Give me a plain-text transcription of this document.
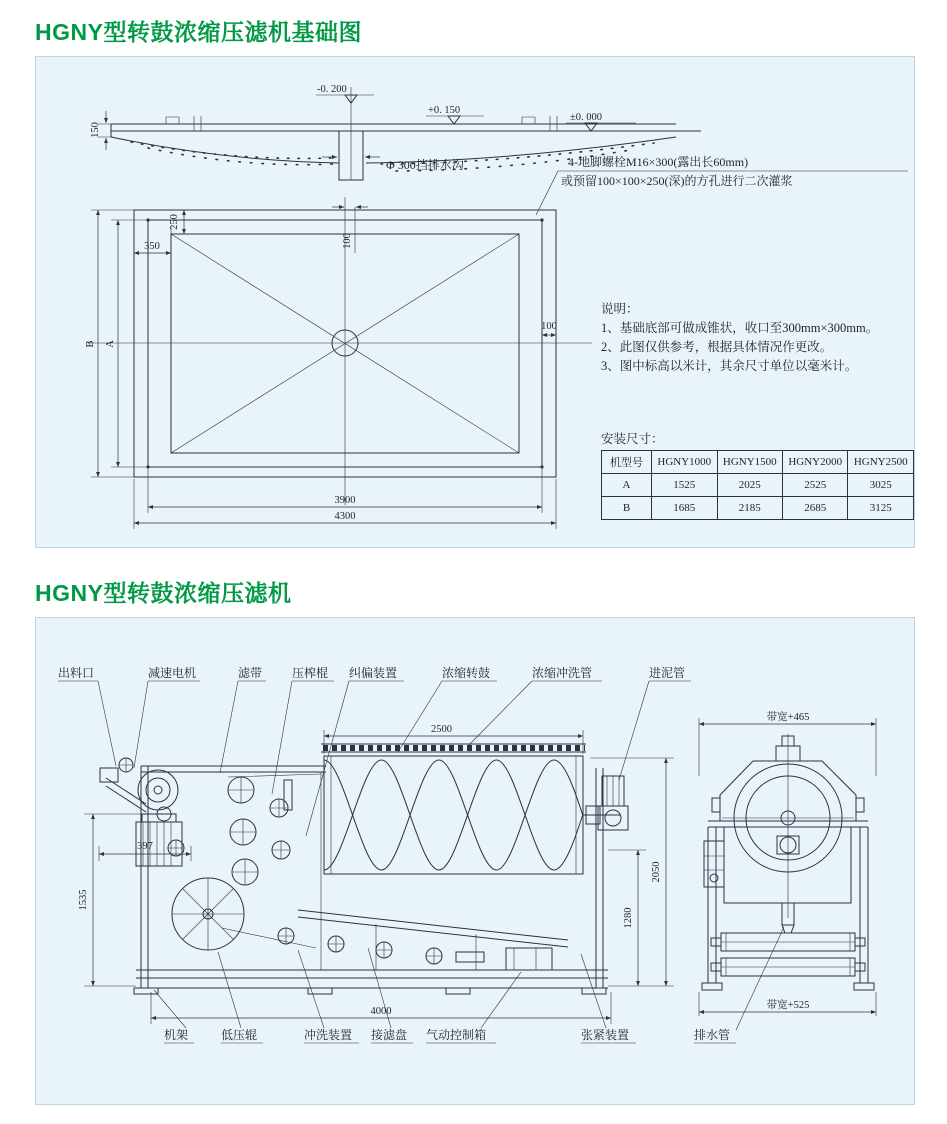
HGNY型转鼓浓缩压滤机基础图
-0. 200
+0. 150
±0. 000
150
Φ 300挡排水沟	4-地脚螺栓M16×300(露出长60mm)
或预留100×100×250(深)的方孔进行二次灌浆
350
250
100
100
B A
3900
4300
说明：
1、基础底部可做成锥状，收口至300mm×300mm。
2、此图仅供参考，根据具体情况作更改。
3、图中标高以米计，其余尺寸单位以毫米计。
安装尺寸：
机型号	HGNY1000	HGNY1500	HGNY2000	HGNY2500
A	1525	2025	2525	3025
B	1685	2185	2685	3125
HGNY型转鼓浓缩压滤机
出料口	减速电机	滤带 压榨棍 纠偏装置	浓缩转鼓	浓缩冲洗管	进泥管
2500
397
1535
1280
2050
4000
带宽+465
带宽+525
机架	低压辊	冲洗装置 接滤盘 气动控制箱	张紧装置	排水管
